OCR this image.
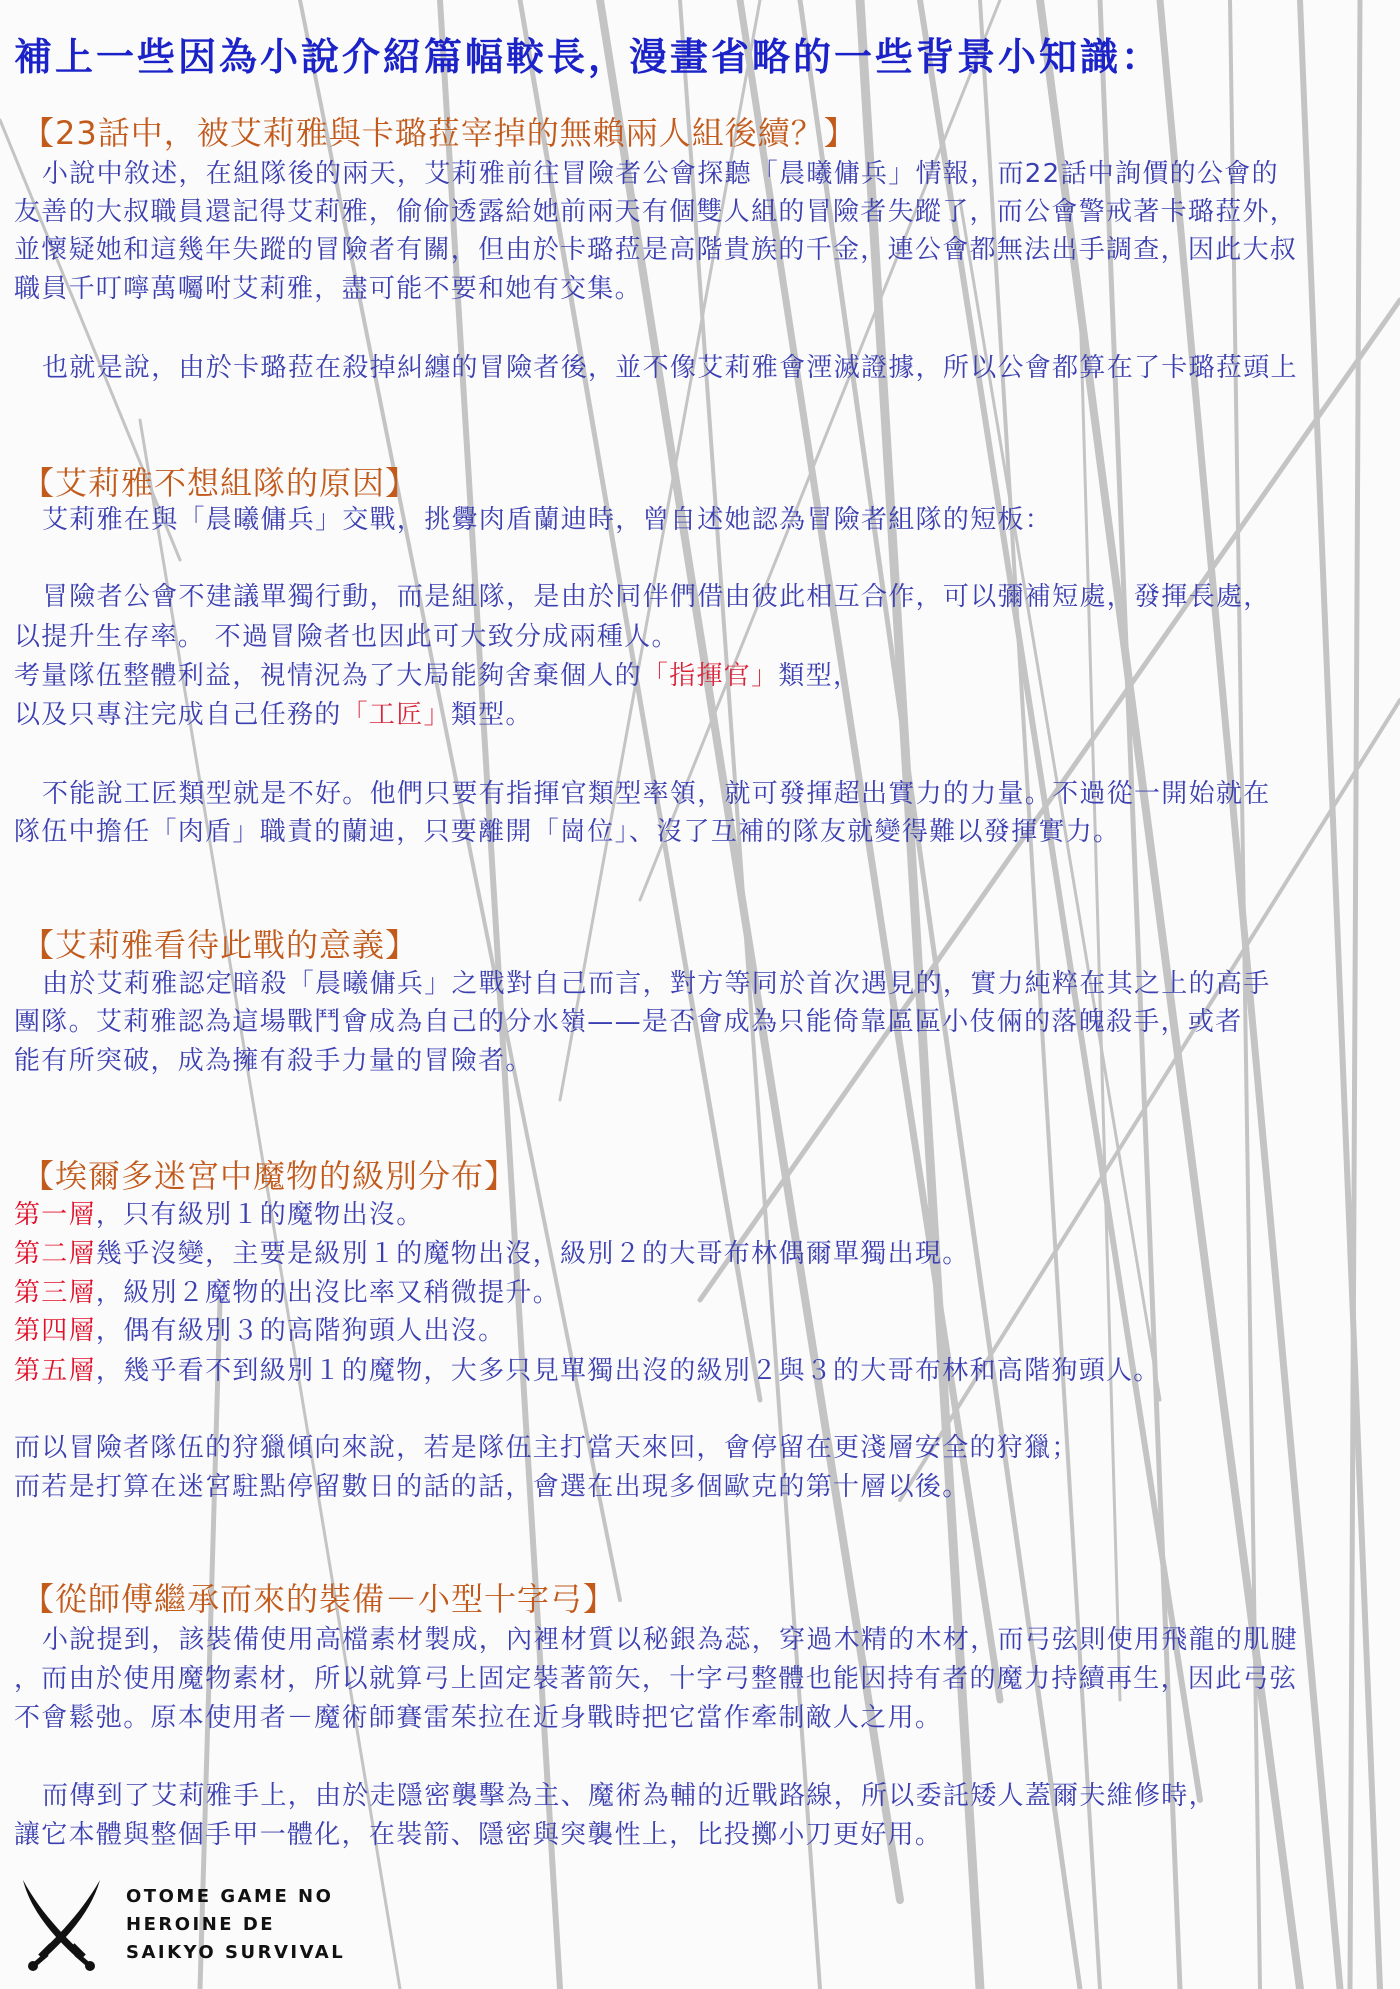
補上一些因為小說介紹篇幅較長，漫畫省略的一些背景小知識：
【23話中，被艾莉雅與卡璐菈宰掉的無賴兩人組後續？】
小說中敘述，在組隊後的兩天，艾莉雅前往冒險者公會探聽「晨曦傭兵」情報，而22話中詢價的公會的
友善的大叔職員還記得艾莉雅，偷偷透露給她前兩天有個雙人組的冒險者失蹤了，而公會警戒著卡璐菈外，
並懷疑她和這幾年失蹤的冒險者有關，但由於卡璐菈是高階貴族的千金，連公會都無法出手調查，因此大叔
職員千叮嚀萬囑咐艾莉雅，盡可能不要和她有交集。
也就是說，由於卡璐菈在殺掉糾纏的冒險者後，並不像艾莉雅會湮滅證據，所以公會都算在了卡璐菈頭上
【艾莉雅不想組隊的原因】
艾莉雅在與「晨曦傭兵」交戰，挑釁肉盾蘭迪時，曾自述她認為冒險者組隊的短板：
冒險者公會不建議單獨行動，而是組隊，是由於同伴們借由彼此相互合作，可以彌補短處，發揮長處，
以提升生存率。 不過冒險者也因此可大致分成兩種人。
考量隊伍整體利益，視情況為了大局能夠舍棄個人的「指揮官」類型，
以及只專注完成自己任務的「工匠」類型。
不能說工匠類型就是不好。他們只要有指揮官類型率領，就可發揮超出實力的力量。不過從一開始就在
隊伍中擔任「肉盾」職責的蘭迪，只要離開「崗位」、沒了互補的隊友就變得難以發揮實力。
【艾莉雅看待此戰的意義】
由於艾莉雅認定暗殺「晨曦傭兵」之戰對自己而言，對方等同於首次遇見的，實力純粹在其之上的高手
團隊。艾莉雅認為這場戰鬥會成為自己的分水嶺——是否會成為只能倚靠區區小伎倆的落魄殺手，或者
能有所突破，成為擁有殺手力量的冒險者。
【埃爾多迷宮中魔物的級別分布】
第一層，只有級別１的魔物出沒。
第二層幾乎沒變，主要是級別１的魔物出沒，級別２的大哥布林偶爾單獨出現。
第三層，級別２魔物的出沒比率又稍微提升。
第四層，偶有級別３的高階狗頭人出沒。
第五層，幾乎看不到級別１的魔物，大多只見單獨出沒的級別２與３的大哥布林和高階狗頭人。
而以冒險者隊伍的狩獵傾向來說，若是隊伍主打當天來回，會停留在更淺層安全的狩獵；
而若是打算在迷宮駐點停留數日的話的話，會選在出現多個歐克的第十層以後。
【從師傅繼承而來的裝備－小型十字弓】
小說提到，該裝備使用高檔素材製成，內裡材質以秘銀為蕊，穿過木精的木材，而弓弦則使用飛龍的肌腱
，而由於使用魔物素材，所以就算弓上固定裝著箭矢，十字弓整體也能因持有者的魔力持續再生，因此弓弦
不會鬆弛。原本使用者－魔術師賽雷茱拉在近身戰時把它當作牽制敵人之用。
而傳到了艾莉雅手上，由於走隱密襲擊為主、魔術為輔的近戰路線，所以委託矮人蓋爾夫維修時，
讓它本體與整個手甲一體化，在裝箭、隱密與突襲性上，比投擲小刀更好用。
OTOME GAME NO
HEROINE DE
SAIKYO SURVIVAL
